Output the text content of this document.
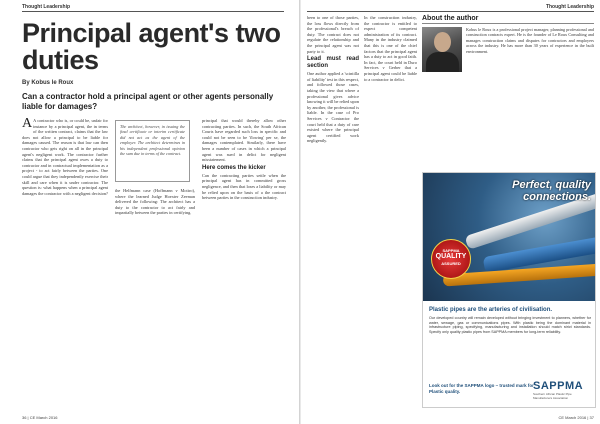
Thought Leadership
Principal agent's two duties
By Kobus le Roux
Can a contractor hold a principal agent or other agents personally liable for damages?

A A contractor who is, or could be, unfair for instance by a principal agent, the in terms of the written contract, claims that the law does not allow a principal to be liable for damages caused. The reason is that law can then contractor who gets right on all in the principal agent's negligent work. The contractor further claims that the principal agent owes a duty to contractor and in contractual implementation as a project - to act fairly between the parties. One could argue that they independently exercise their skill and care when it is under contractor. The question is: what happens when a principal agent damages the contractor with a negligent decision?

the Helfmann case (Hoffmann v Mottro), where the learned Judge Hoexter Zeeman delivered the following: The architect has a duty to the contractor to act fairly and impartially between the parties in certifying.

The architect, however, in issuing the final certificate or interim certificate did not act as the agent of the employer. The architect determines in his independent professional opinion the sum due in terms of the contract.

principal that would thereby allow other contracting parties. In such, the South African Courts have regarded such loss in specific and could not be seen to be 'flowing' per se, the damages contemplated. Similarly, there have been a number of cases in which a principal agent was sued in delict for negligent misstatement.

Here comes the kicker

Can the contracting parties settle when the principal agent has in committed gross negligence, and then that loses a liability or may be relied upon on the basis of a the contract between parties in the construction industry.

36 | CE March 2016
Thought Leadership

been to one of those parties, the loss flows directly from the professional's breach of duty. The contract does not regulate the relationship and the principal agent was not party to it.

Lead must read section

One author applied a 'scintilla of liability' test in this respect, and followed those cases, taking the view that where a professional gives advice knowing it will be relied upon by another, the professional is liable. In the case of Pro Services v Contractor the court held that a duty of care existed where the principal agent certified work negligently.

In the construction industry, the contractor is entitled to expect competent administration of its contract. Many in the industry claimed that this is one of the chief factors that the principal agent has a duty to act in good faith. In fact, the court held in Duro Services v Gerber that a principal agent could be liable to a contractor in delict.

About the author
Kobus le Roux is a professional project manager, planning professional and construction contracts expert. He is the founder of Le Roux Consulting and manages construction claims and disputes for contractors and employers across the industry. He has more than 30 years of experience in the built environment.
Perfect, quality
connections.
SAPPMA
QUALITY
ASSURED
Plastic pipes are the arteries of civilisation.
Our developed country will remain developed without bringing investment to planners, whether for water, sewage, gas or communications pipes. With plastic being the dominant material in infrastructure piping, specifying, manufacturing and installation should match strict standards. Specify only quality plastic pipes from SAPPMA members for long-term reliability.
Look out for the SAPPMA logo – trusted mark for
Plastic quality.	SAPPMA
Southern African Plastic Pipe Manufacturers Association
CE March 2016 | 37
